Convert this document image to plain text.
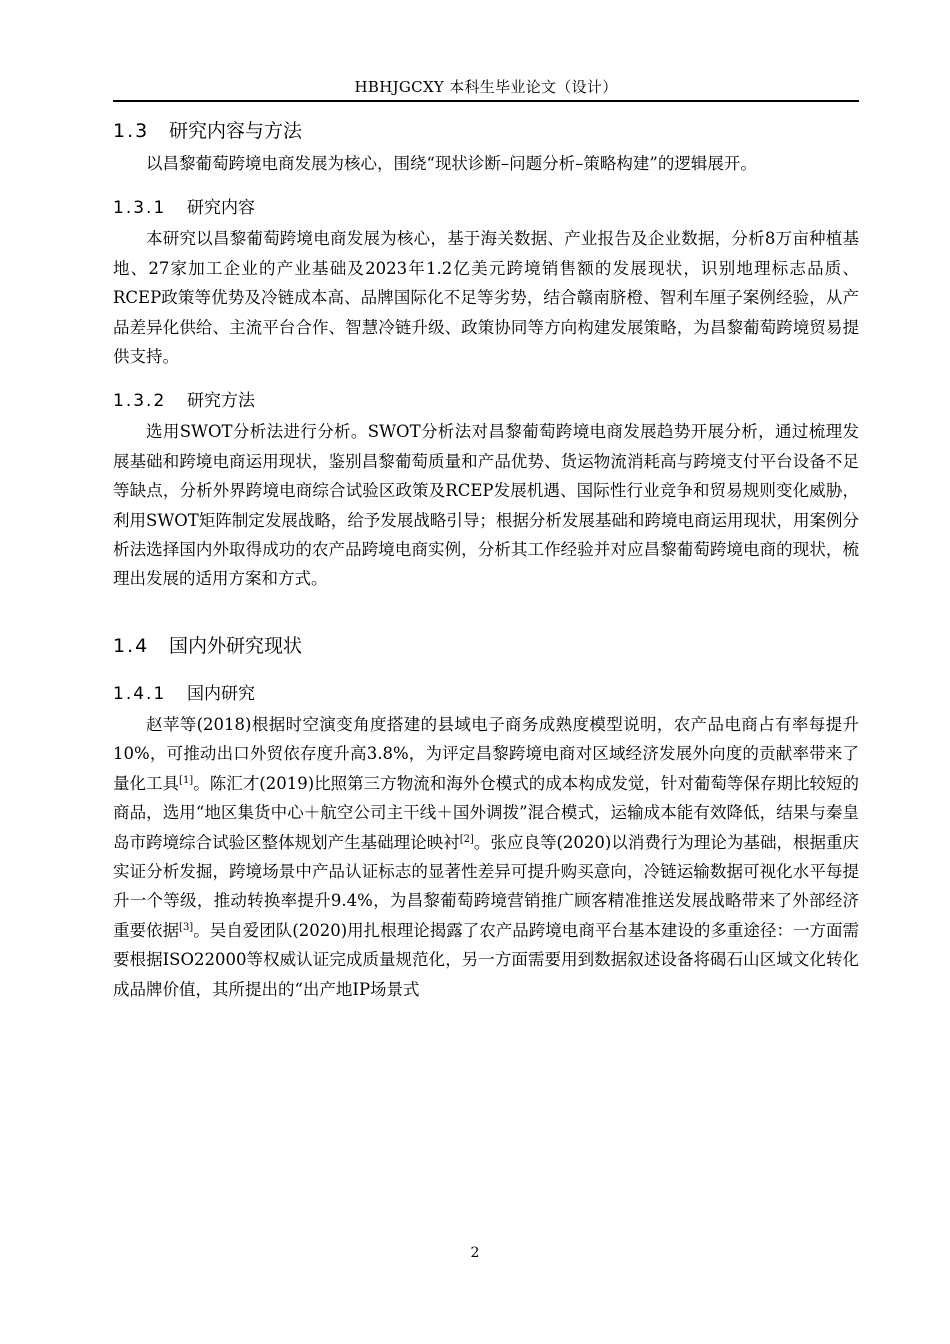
HBHJGCXY 本科生毕业论文（设计）
1.3 研究内容与方法

以昌黎葡萄跨境电商发展为核心，围绕“现状诊断–问题分析–策略构建”的逻辑展开。

1.3.1 研究内容

本研究以昌黎葡萄跨境电商发展为核心，基于海关数据、产业报告及企业数据，分析8万亩种植基地、27家加工企业的产业基础及2023年1.2亿美元跨境销售额的发展现状，识别地理标志品质、RCEP政策等优势及冷链成本高、品牌国际化不足等劣势，结合赣南脐橙、智利车厘子案例经验，从产品差异化供给、主流平台合作、智慧冷链升级、政策协同等方向构建发展策略，为昌黎葡萄跨境贸易提供支持。

1.3.2 研究方法

选用SWOT分析法进行分析。SWOT分析法对昌黎葡萄跨境电商发展趋势开展分析，通过梳理发展基础和跨境电商运用现状，鉴别昌黎葡萄质量和产品优势、货运物流消耗高与跨境支付平台设备不足等缺点，分析外界跨境电商综合试验区政策及RCEP发展机遇、国际性行业竞争和贸易规则变化威胁，利用SWOT矩阵制定发展战略，给予发展战略引导；根据分析发展基础和跨境电商运用现状，用案例分析法选择国内外取得成功的农产品跨境电商实例，分析其工作经验并对应昌黎葡萄跨境电商的现状，梳理出发展的适用方案和方式。

1.4 国内外研究现状
1.4.1 国内研究

赵苹等(2018)根据时空演变角度搭建的县域电子商务成熟度模型说明，农产品电商占有率每提升10%，可推动出口外贸依存度升高3.8%，为评定昌黎跨境电商对区域经济发展外向度的贡献率带来了量化工具[1]。陈汇才(2019)比照第三方物流和海外仓模式的成本构成发觉，针对葡萄等保存期比较短的商品，选用“地区集货中心＋航空公司主干线＋国外调拨”混合模式，运输成本能有效降低，结果与秦皇岛市跨境综合试验区整体规划产生基础理论映衬[2]。张应良等(2020)以消费行为理论为基础，根据重庆实证分析发掘，跨境场景中产品认证标志的显著性差异可提升购买意向，冷链运输数据可视化水平每提升一个等级，推动转换率提升9.4%，为昌黎葡萄跨境营销推广顾客精准推送发展战略带来了外部经济重要依据[3]。吴自爱团队(2020)用扎根理论揭露了农产品跨境电商平台基本建设的多重途径：一方面需要根据ISO22000等权威认证完成质量规范化，另一方面需要用到数据叙述设备将碣石山区域文化转化成品牌价值，其所提出的“出产地IP场景式

2
